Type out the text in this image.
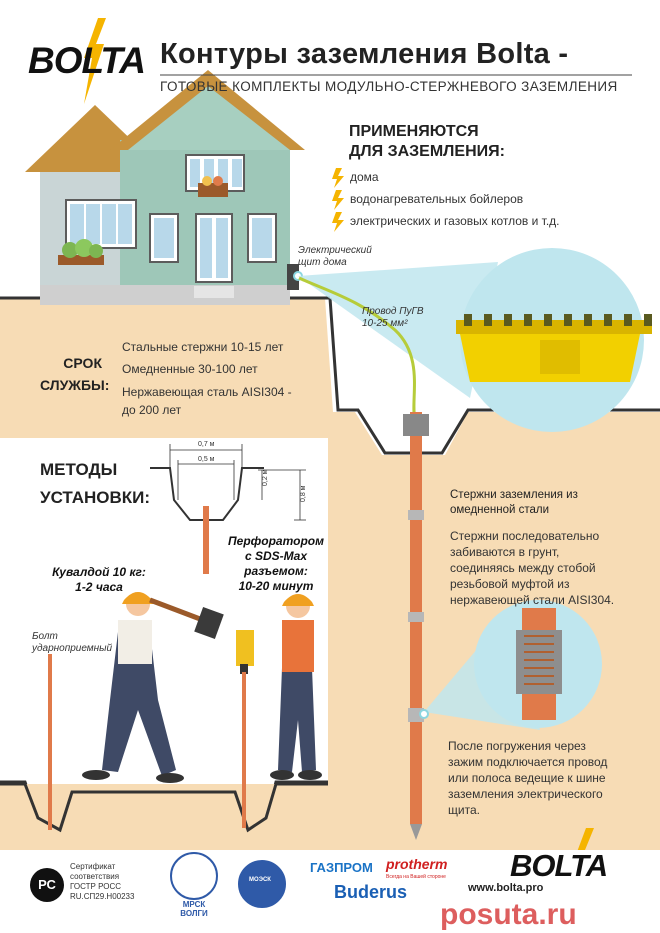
BOLTA Контуры заземления Bolta -
ГОТОВЫЕ КОМПЛЕКТЫ МОДУЛЬНО-СТЕРЖНЕВОГО ЗАЗЕМЛЕНИЯ
ПРИМЕНЯЮТСЯ
ДЛЯ ЗАЗЕМЛЕНИЯ:
дома
водонагревательных бойлеров
электрических и газовых котлов и т.д.
Электрический
щит дома
Провод ПуГВ
10-25 мм²
СРОК
СЛУЖБЫ:
Стальные стержни 10-15 лет
Омедненные 30-100 лет
Нержавеющая сталь AISI304 -
до 200 лет
МЕТОДЫ
УСТАНОВКИ:
0,7 м
0,5 м
0,2 м
0,8 м
Кувалдой 10 кг:
1-2 часа
Перфоратором
с SDS-Max
разъемом:
10-20 минут
Болт
ударноприемный
Стержни заземления из
омедненной стали
Стержни последовательно
забиваются в грунт,
соединяясь между стобой
резьбовой муфтой из
нержавеющей стали AISI304.
После погружения через
зажим подключается провод
или полоса ведещие к шине
заземления электрического
щита.
РС
Сертификат
соответствия
ГОСТР РОСС
RU.СП29.Н00233
МРСК
ВОЛГИ
МОЭСК
ГАЗПРОМ protherm
Всегда на Вашей стороне
Buderus
BOLTA
www.bolta.pro
posuta.ru
